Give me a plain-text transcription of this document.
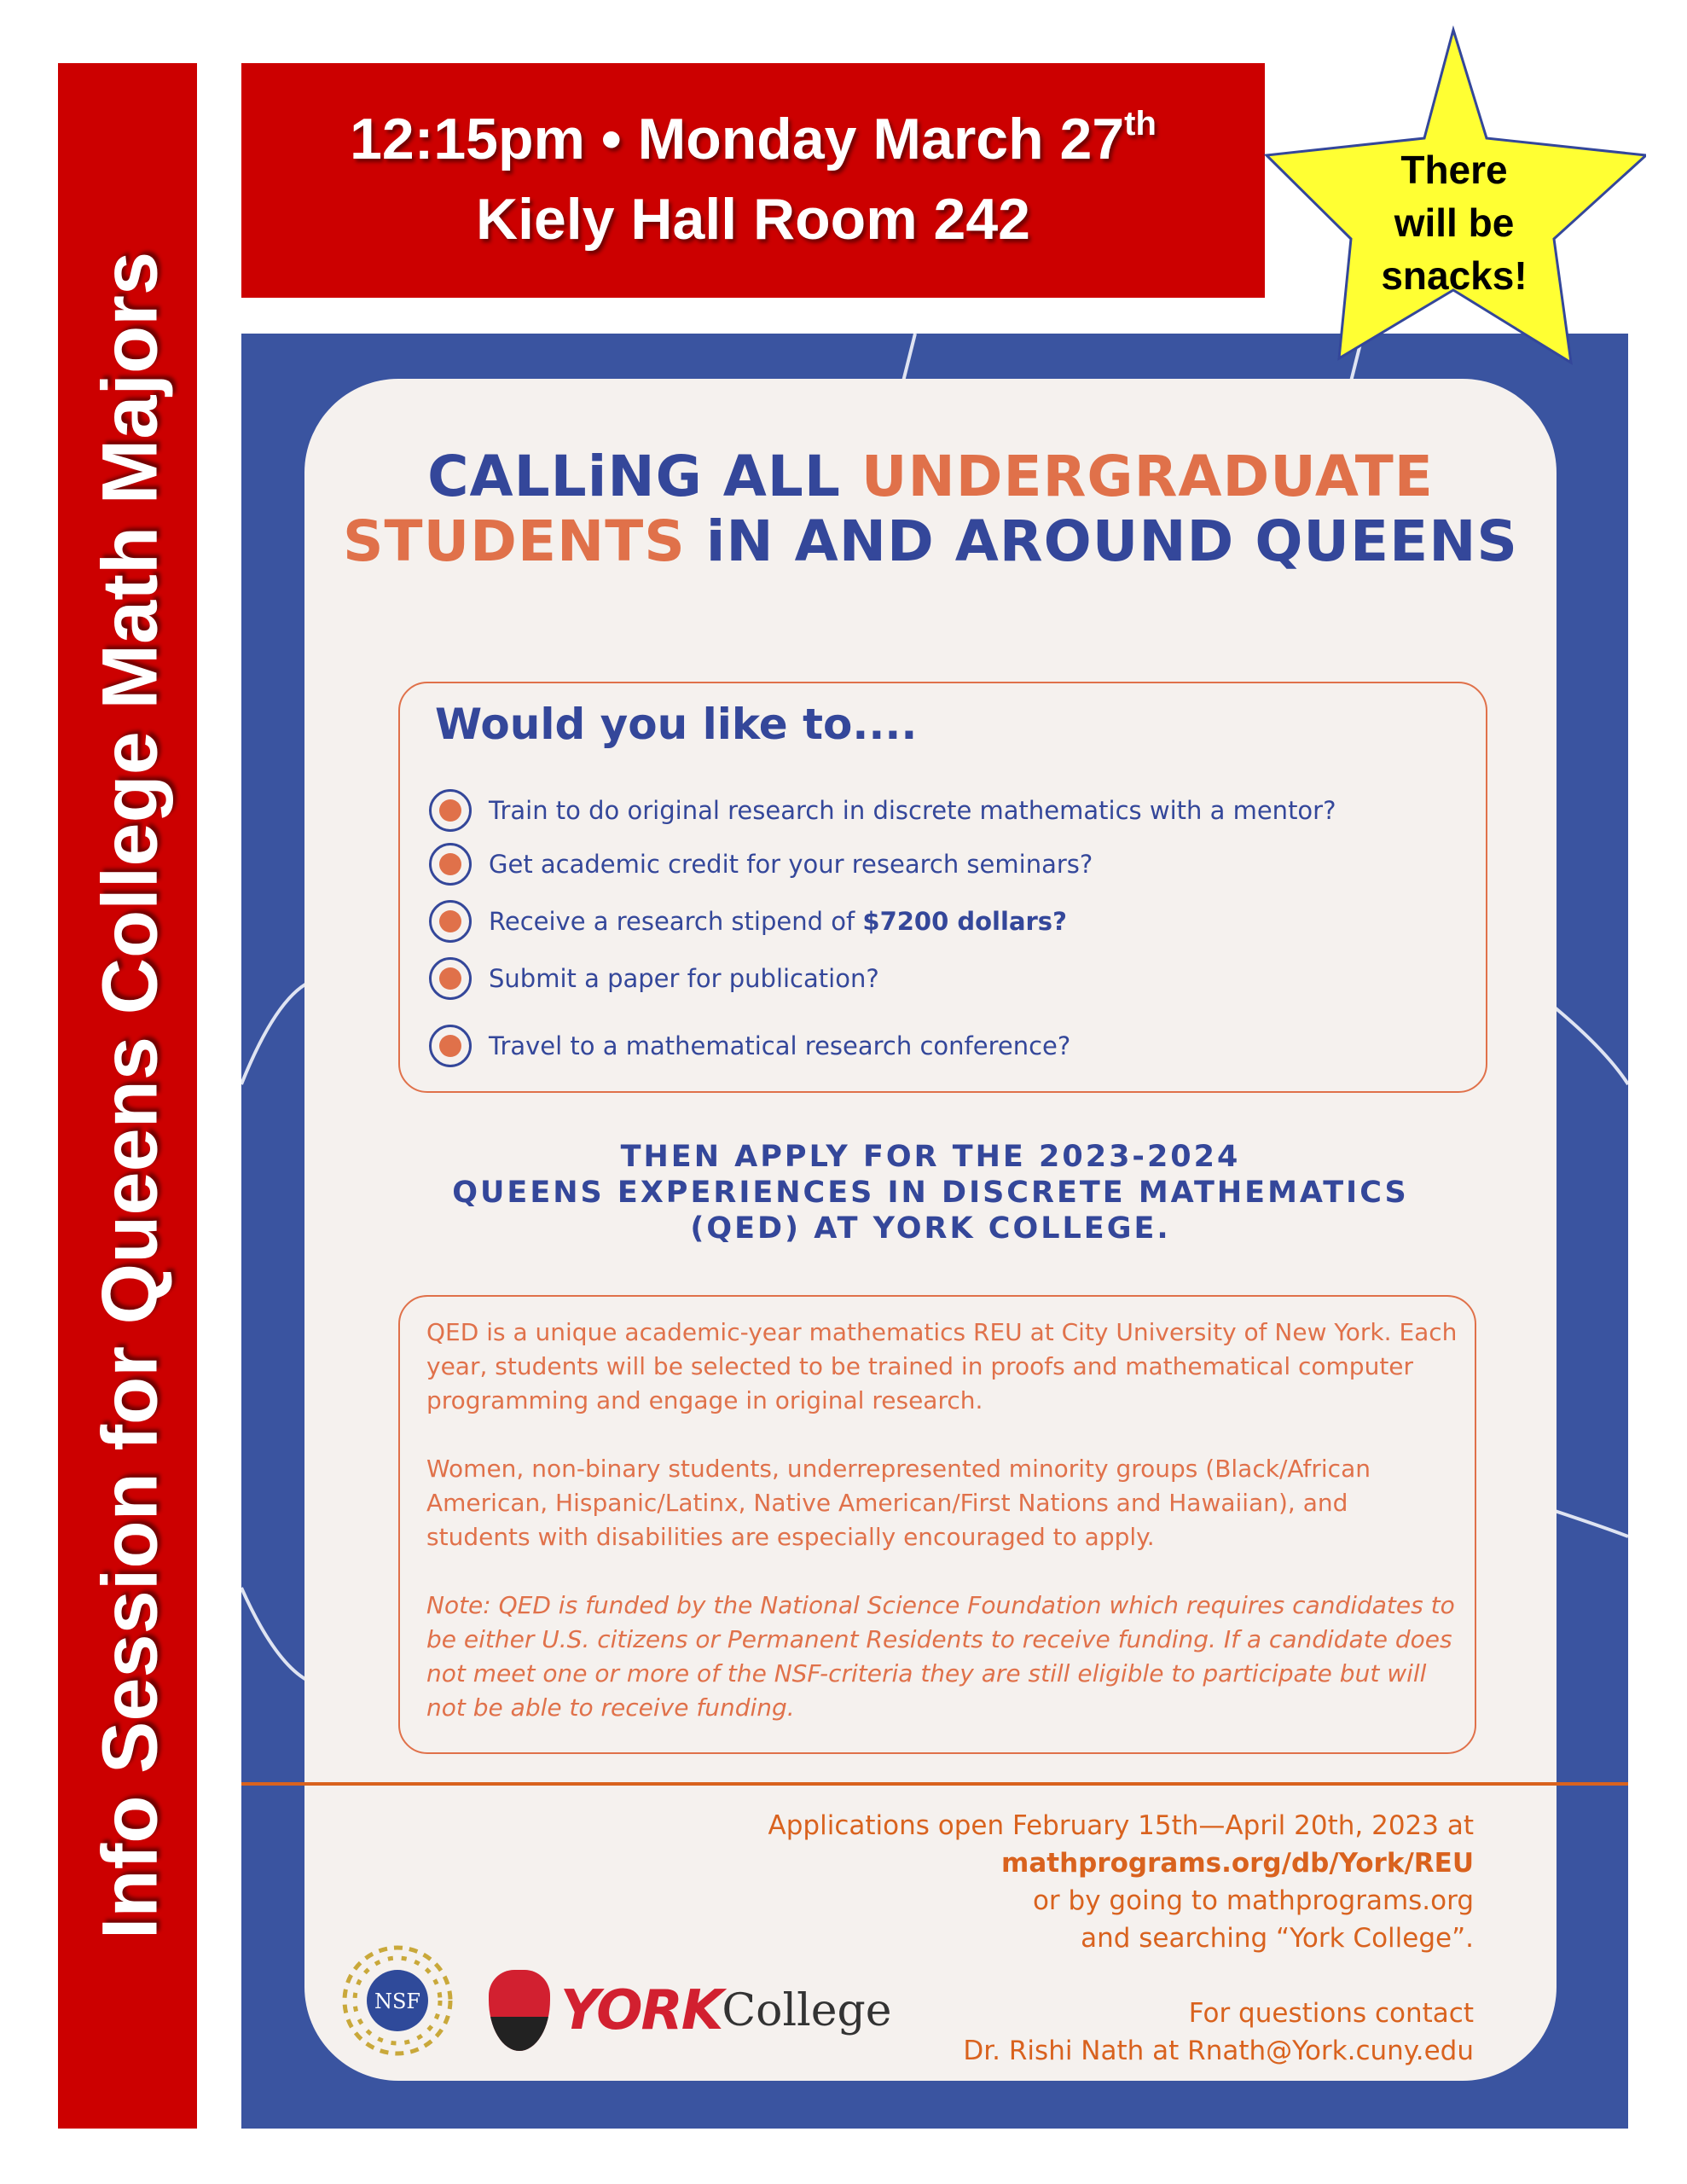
Info Session for Queens College Math Majors
12:15pm • Monday March 27th
Kiely Hall Room 242
There
will be
snacks!
CALLiNG ALL UNDERGRADUATE
STUDENTS iN AND AROUND QUEENS
Would you like to....
Train to do original research in discrete mathematics with a mentor?
Get academic credit for your research seminars?
Receive a research stipend of $7200 dollars?
Submit a paper for publication?
Travel to a mathematical research conference?
THEN APPLY FOR THE 2023-2024
QUEENS EXPERIENCES IN DISCRETE MATHEMATICS
(QED) AT YORK COLLEGE.
QED is a unique academic-year mathematics REU at City University of New York. Each year, students will be selected to be trained in proofs and mathematical computer programming and engage in original research.
Women, non-binary students, underrepresented minority groups (Black/African American, Hispanic/Latinx, Native American/First Nations and Hawaiian), and students with disabilities are especially encouraged to apply.
Note: QED is funded by the National Science Foundation which requires candidates to be either U.S. citizens or Permanent Residents to receive funding. If a candidate does not meet one or more of the NSF-criteria they are still eligible to participate but will not be able to receive funding.
Applications open February 15th—April 20th, 2023 at
mathprograms.org/db/York/REU
or by going to mathprograms.org
and searching “York College”.
For questions contact
Dr. Rishi Nath at Rnath@York.cuny.edu
NSF	YORK College
